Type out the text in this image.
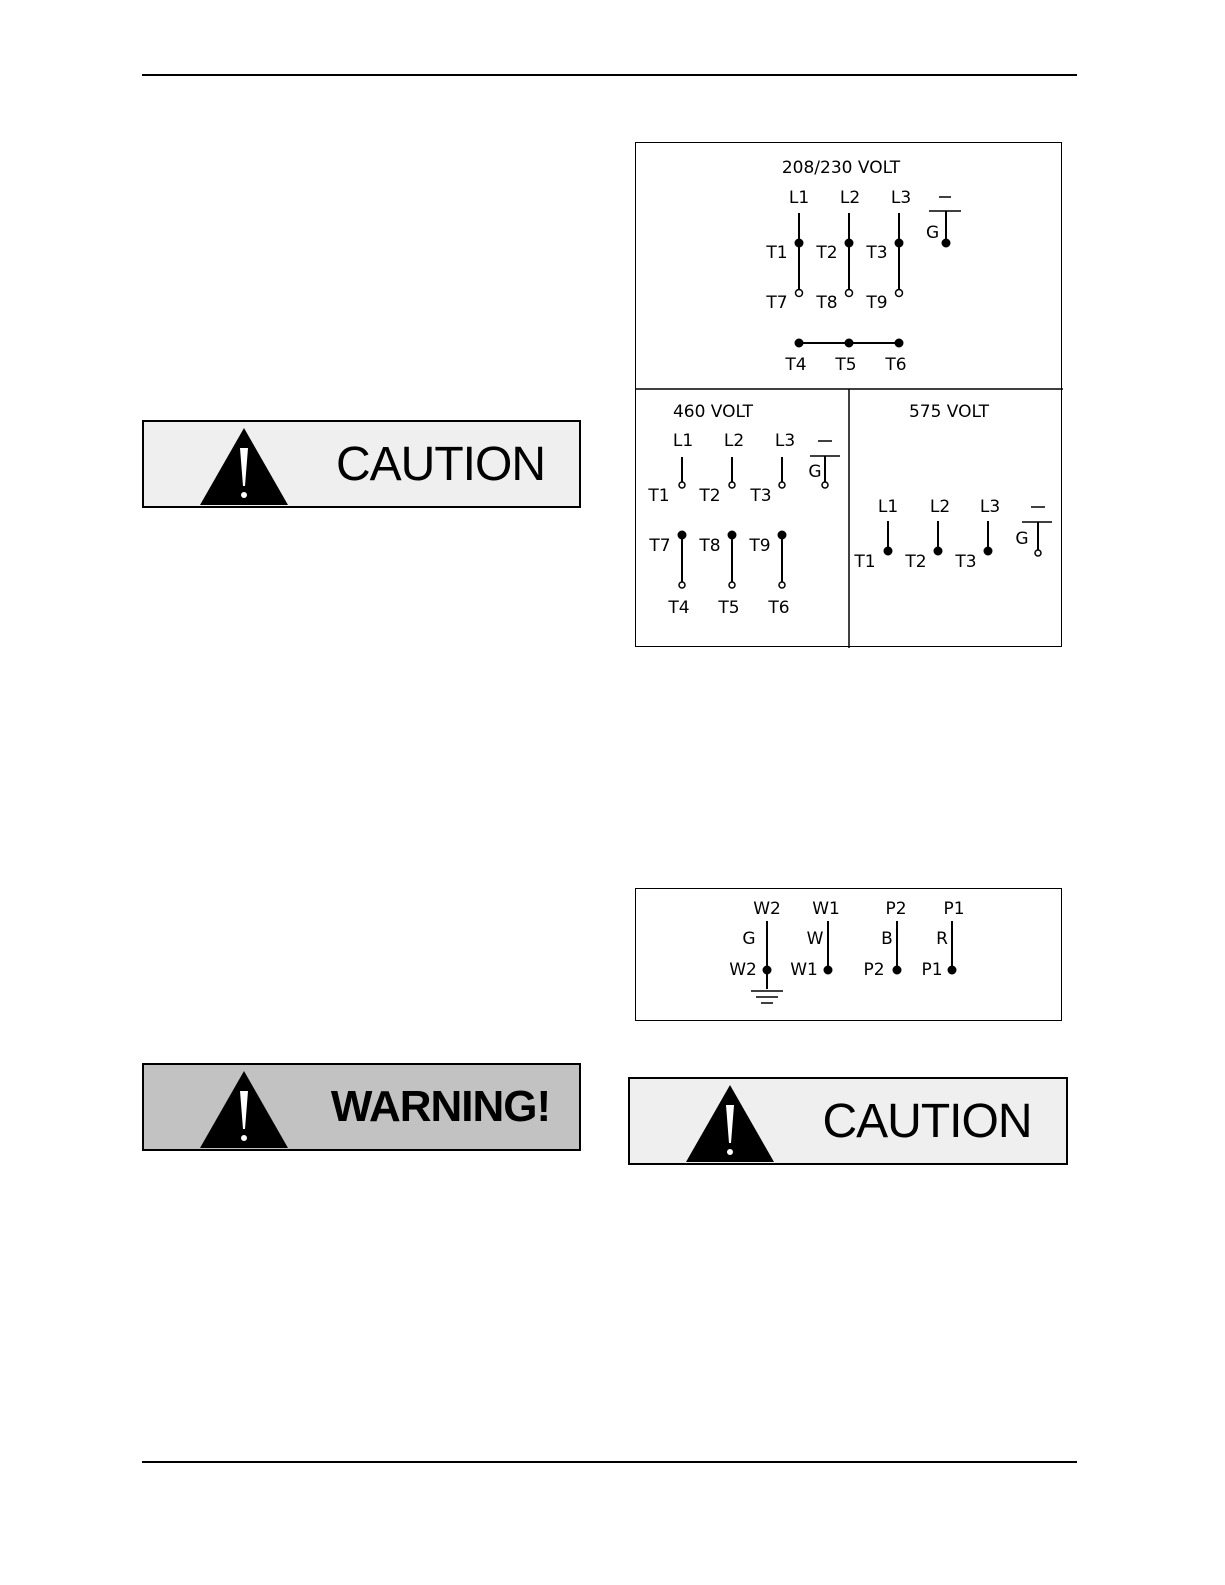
208/230 VOLT
L1 L2 L3
G
T1 T2 T3
T7 T8 T9
T4 T5 T6
460 VOLT
L1 L2 L3
G
T1 T2 T3
T7 T8 T9
T4 T5 T6
575 VOLT
L1 L2 L3
G
T1 T2 T3
W2 W1	P2 P1
G	W	B	R
W2 W1	P2 P1
CAUTION
WARNING!	CAUTION
